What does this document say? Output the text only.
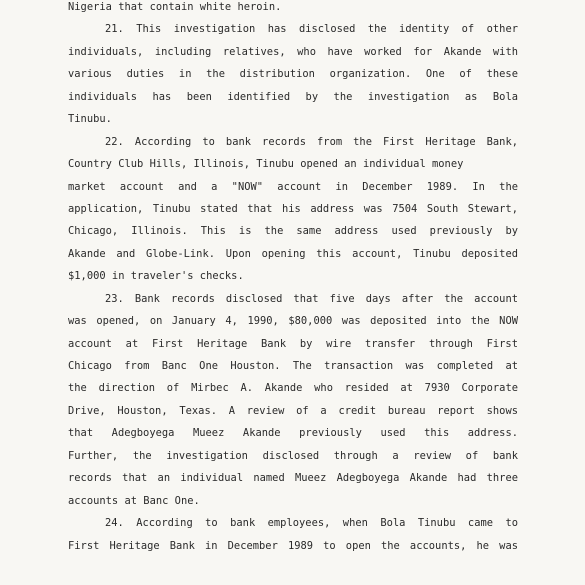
Nigeria that contain white heroin.
21. This investigation has disclosed the identity of other
individuals, including relatives, who have worked for Akande with
various duties in the distribution organization. One of these
individuals has been identified by the investigation as Bola
Tinubu.
22. According to bank records from the First Heritage Bank,
Country Club Hills, Illinois, Tinubu opened an individual money
market account and a "NOW" account in December 1989. In the
application, Tinubu stated that his address was 7504 South Stewart,
Chicago, Illinois. This is the same address used previously by
Akande and Globe-Link. Upon opening this account, Tinubu deposited
$1,000 in traveler's checks.
23. Bank records disclosed that five days after the account
was opened, on January 4, 1990, $80,000 was deposited into the NOW
account at First Heritage Bank by wire transfer through First
Chicago from Banc One Houston. The transaction was completed at
the direction of Mirbec A. Akande who resided at 7930 Corporate
Drive, Houston, Texas. A review of a credit bureau report shows
that Adegboyega Mueez Akande previously used this address.
Further, the investigation disclosed through a review of bank
records that an individual named Mueez Adegboyega Akande had three
accounts at Banc One.
24. According to bank employees, when Bola Tinubu came to
First Heritage Bank in December 1989 to open the accounts, he was
